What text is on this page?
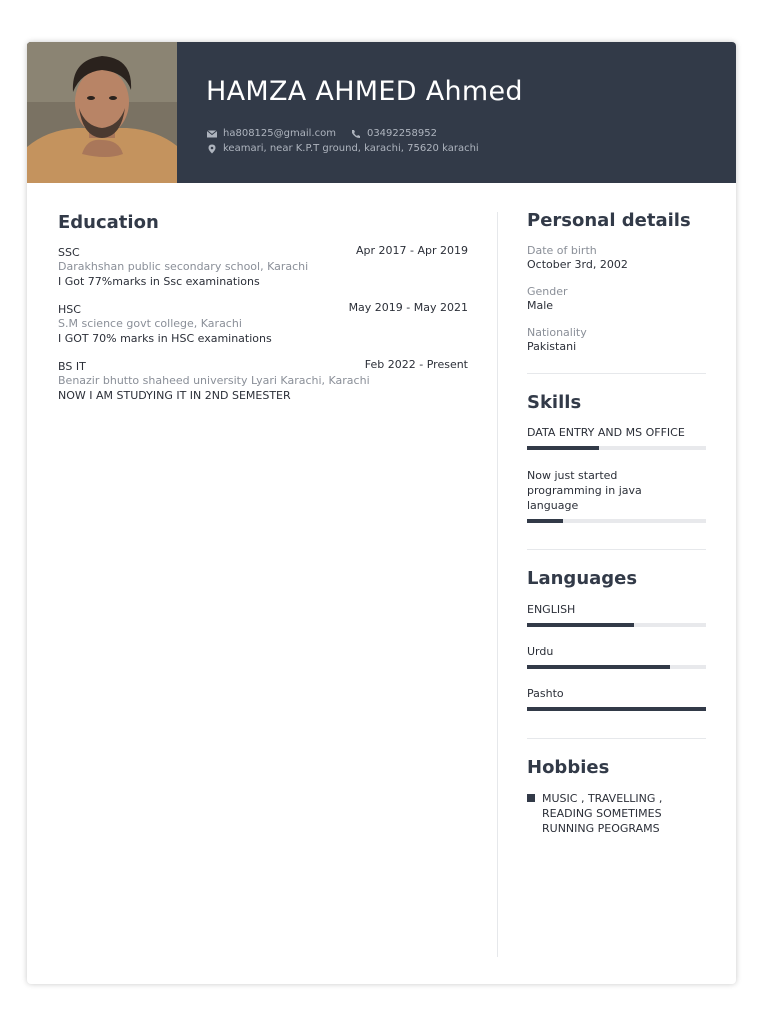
HAMZA AHMED Ahmed
ha808125@gmail.com	03492258952
keamari, near K.P.T ground, karachi, 75620 karachi
Education
SSC	Apr 2017 - Apr 2019
Darakhshan public secondary school, Karachi
I Got 77%marks in Ssc examinations
HSC	May 2019 - May 2021
S.M science govt college, Karachi
I GOT 70% marks in HSC examinations
BS IT	Feb 2022 - Present
Benazir bhutto shaheed university Lyari Karachi, Karachi
NOW I AM STUDYING IT IN 2ND SEMESTER
Personal details
Date of birth
October 3rd, 2002
Gender
Male
Nationality
Pakistani
Skills
DATA ENTRY AND MS OFFICE
Now just started programming in java language
Languages
ENGLISH
Urdu
Pashto
Hobbies
MUSIC , TRAVELLING , READING SOMETIMES RUNNING PEOGRAMS
